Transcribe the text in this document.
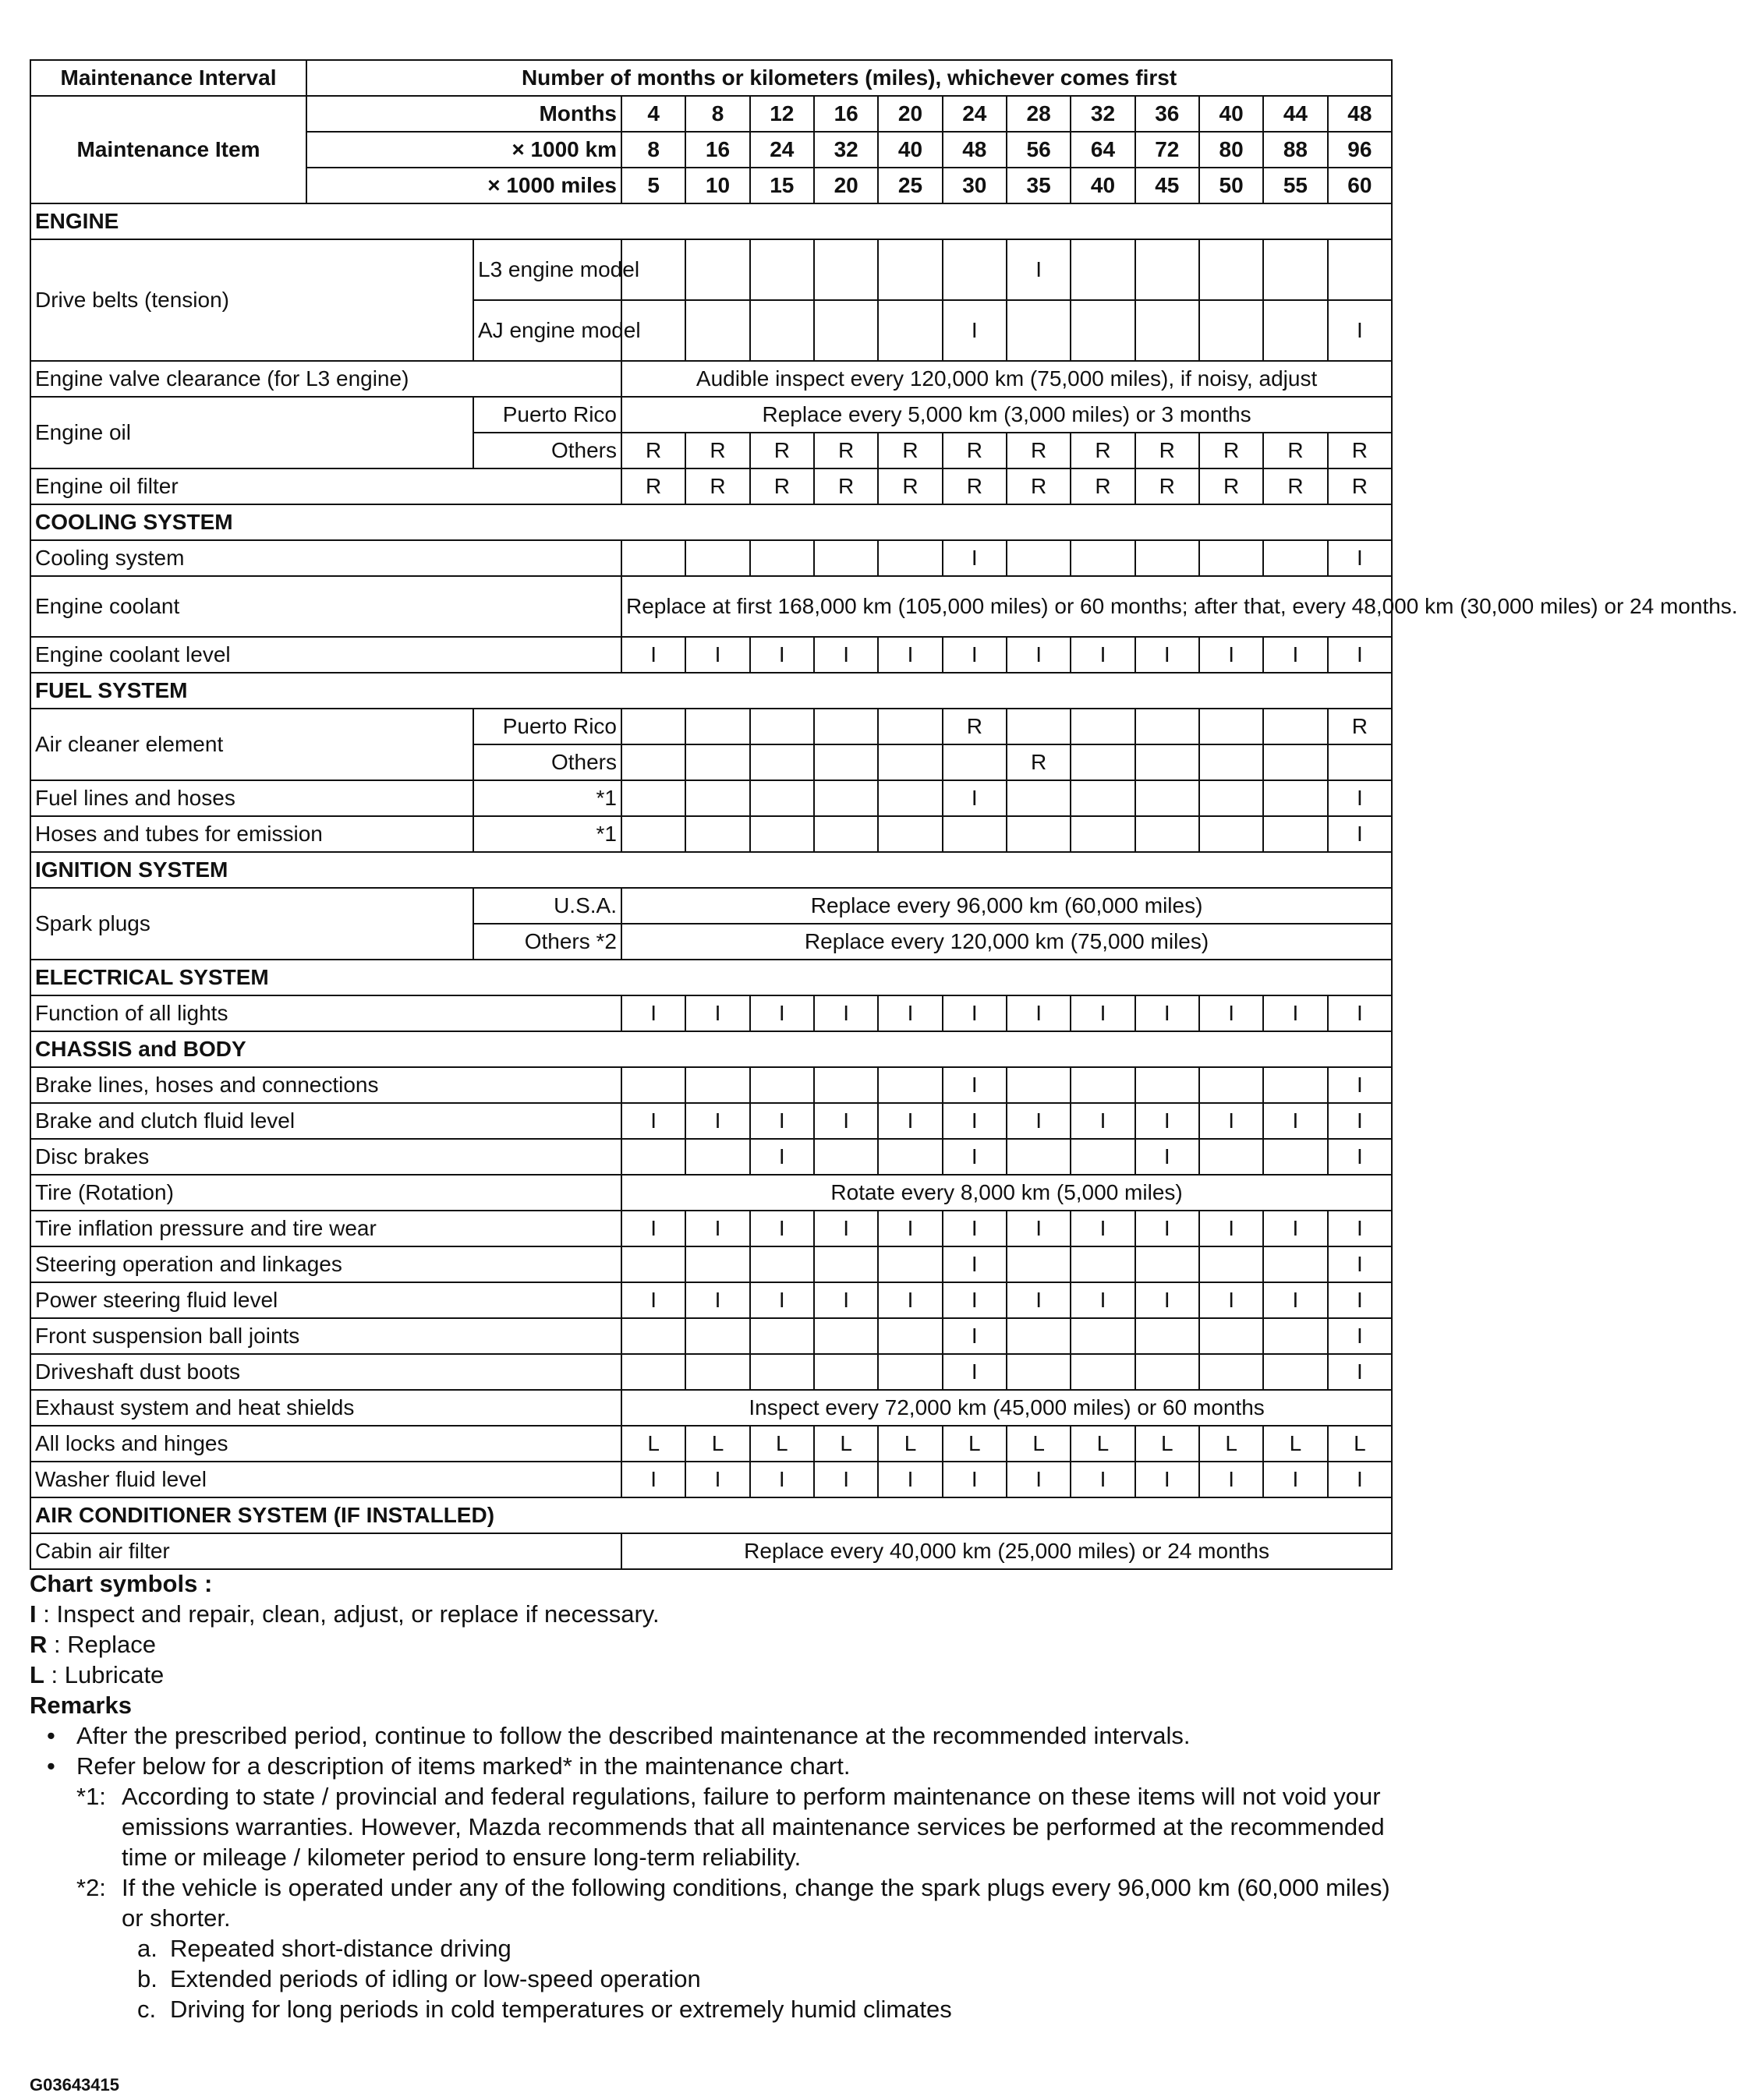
Maintenance Interval	Number of months or kilometers (miles), whichever comes first													
Maintenance Item	Months		4	8	12	16	20	24	28	32	36	40	44	48
	× 1000 km		8	16	24	32	40	48	56	64	72	80	88	96
	× 1000 miles		5	10	15	20	25	30	35	40	45	50	55	60
ENGINE														
Drive belts (tension)		L3 engine model							I					
		AJ engine model						I						I
Engine valve clearance (for L3 engine)			Audible inspect every 120,000 km (75,000 miles), if noisy, adjust											
Engine oil		Puerto Rico	Replace every 5,000 km (3,000 miles) or 3 months											
		Others	R	R	R	R	R	R	R	R	R	R	R	R
Engine oil filter			R	R	R	R	R	R	R	R	R	R	R	R
COOLING SYSTEM														
Cooling system								I						I
Engine coolant			Replace at first 168,000 km (105,000 miles) or 60 months; after that, every 48,000 km (30,000 miles) or 24 months.											
Engine coolant level			I	I	I	I	I	I	I	I	I	I	I	I
FUEL SYSTEM														
Air cleaner element		Puerto Rico						R						R
		Others							R					
Fuel lines and hoses		*1						I						I
Hoses and tubes for emission		*1												I
IGNITION SYSTEM														
Spark plugs		U.S.A.	Replace every 96,000 km (60,000 miles)											
		Others *2	Replace every 120,000 km (75,000 miles)											
ELECTRICAL SYSTEM														
Function of all lights			I	I	I	I	I	I	I	I	I	I	I	I
CHASSIS and BODY														
Brake lines, hoses and connections								I						I
Brake and clutch fluid level			I	I	I	I	I	I	I	I	I	I	I	I
Disc brakes					I			I			I			I
Tire (Rotation)			Rotate every 8,000 km (5,000 miles)											
Tire inflation pressure and tire wear			I	I	I	I	I	I	I	I	I	I	I	I
Steering operation and linkages								I						I
Power steering fluid level			I	I	I	I	I	I	I	I	I	I	I	I
Front suspension ball joints								I						I
Driveshaft dust boots								I						I
Exhaust system and heat shields			Inspect every 72,000 km (45,000 miles) or 60 months											
All locks and hinges			L	L	L	L	L	L	L	L	L	L	L	L
Washer fluid level			I	I	I	I	I	I	I	I	I	I	I	I
AIR CONDITIONER SYSTEM (IF INSTALLED)														
Cabin air filter			Replace every 40,000 km (25,000 miles) or 24 months											
Chart symbols :
I : Inspect and repair, clean, adjust, or replace if necessary.
R : Replace
L : Lubricate
Remarks
• After the prescribed period, continue to follow the described maintenance at the recommended intervals.
• Refer below for a description of items marked* in the maintenance chart.
*1: According to state / provincial and federal regulations, failure to perform maintenance on these items will not void your emissions warranties. However, Mazda recommends that all maintenance services be performed at the recommended time or mileage / kilometer period to ensure long-term reliability.
*2: If the vehicle is operated under any of the following conditions, change the spark plugs every 96,000 km (60,000 miles) or shorter.
a. Repeated short-distance driving
b. Extended periods of idling or low-speed operation
c. Driving for long periods in cold temperatures or extremely humid climates
G03643415
